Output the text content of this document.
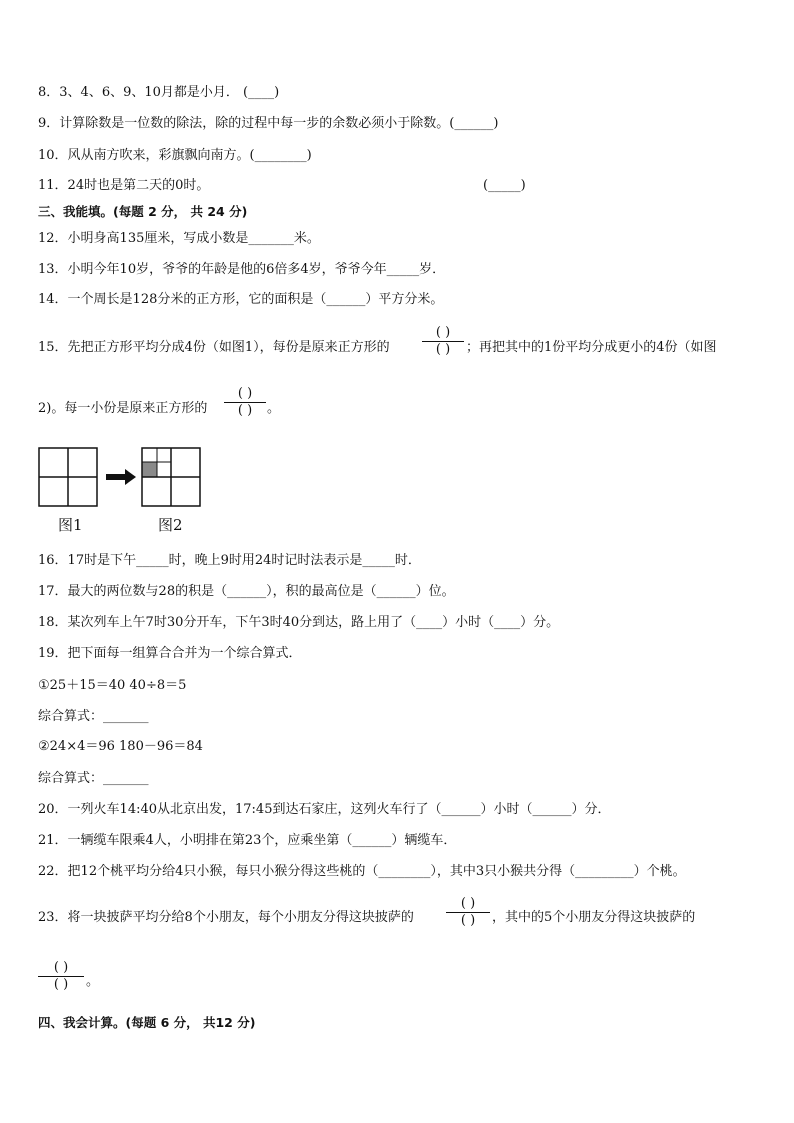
8．3、4、6、9、10月都是小月． (____)
9．计算除数是一位数的除法，除的过程中每一步的余数必须小于除数。(______)
10．风从南方吹来，彩旗飘向南方。(________)
11．24时也是第二天的0时。	(_____)
三、我能填。(每题 2 分， 共 24 分)
12．小明身高135厘米，写成小数是_______米。
13．小明今年10岁，爷爷的年龄是他的6倍多4岁，爷爷今年_____岁．
14．一个周长是128分米的正方形，它的面积是（______）平方分米。
15．先把正方形平均分成4份（如图1），每份是原来正方形的
( )
( )	；再把其中的1份平均分成更小的4份（如图
2)。每一小份是原来正方形的
( )
( )	。
图1	图2
16．17时是下午_____时，晚上9时用24时记时法表示是_____时．
17．最大的两位数与28的积是（______），积的最高位是（______）位。
18．某次列车上午7时30分开车，下午3时40分到达，路上用了（____）小时（____）分。
19．把下面每一组算合合并为一个综合算式．
①25＋15＝40 40÷8＝5
综合算式：_______
②24×4＝96 180－96＝84
综合算式：_______
20．一列火车14:40从北京出发，17:45到达石家庄，这列火车行了（______）小时（______）分．
21．一辆缆车限乘4人，小明排在第23个，应乘坐第（______）辆缆车．
22．把12个桃平均分给4只小猴，每只小猴分得这些桃的（________），其中3只小猴共分得（_________）个桃。
23．将一块披萨平均分给8个小朋友，每个小朋友分得这块披萨的
( )
( )	，其中的5个小朋友分得这块披萨的
( )
( )	。
四、我会计算。(每题 6 分， 共12 分)
